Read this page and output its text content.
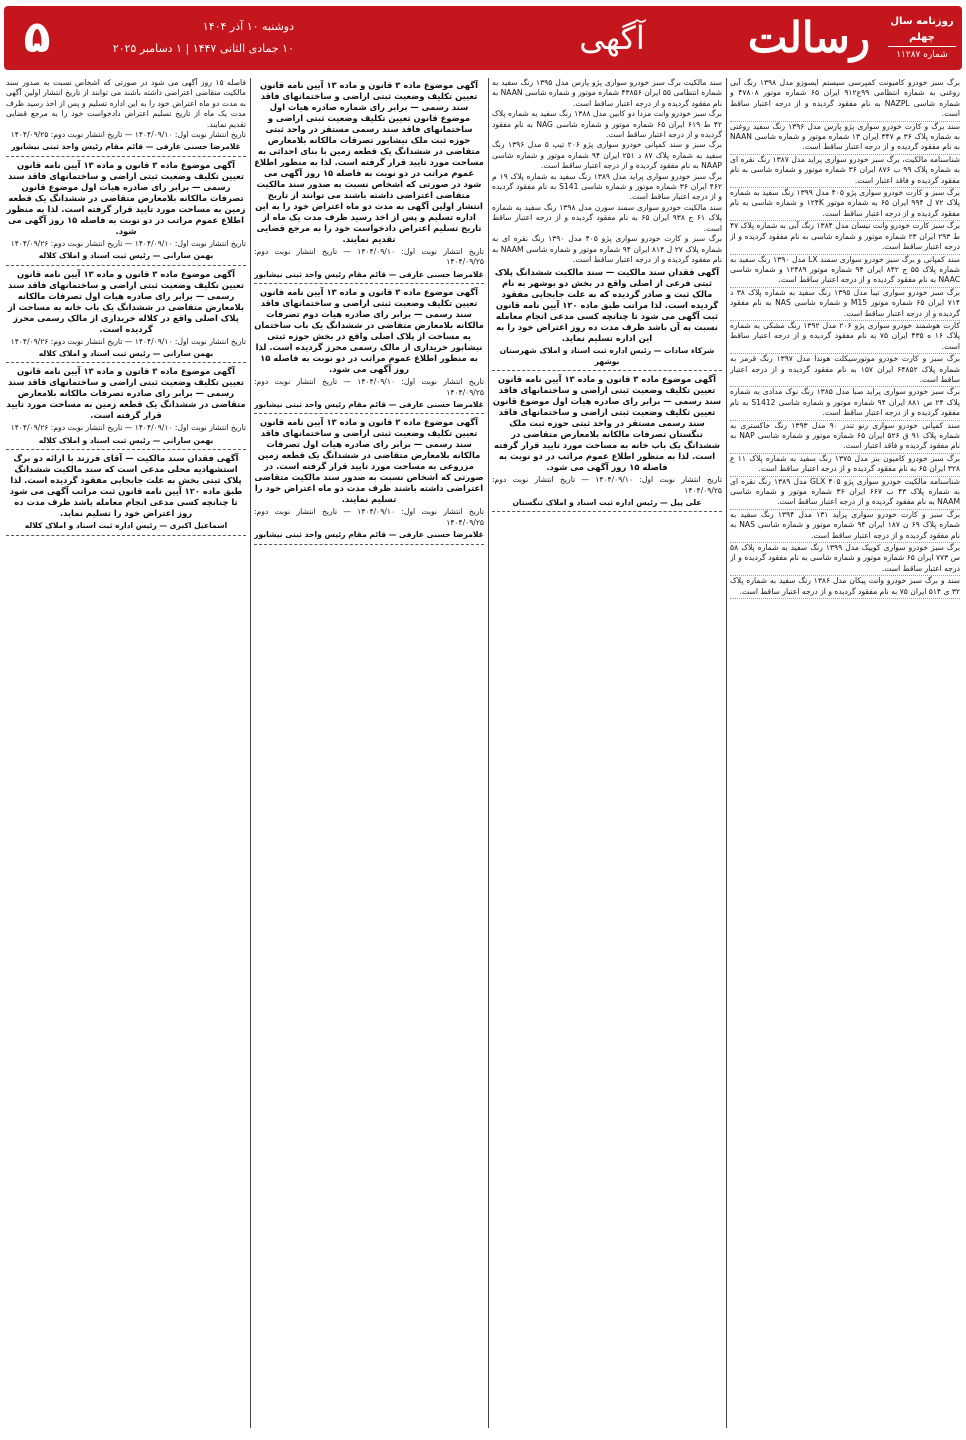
روزنامه سال چهلم
شماره ۱۱۲۸۷
رسالت
آگهی
دوشنبه ۱۰ آذر ۱۴۰۴
۱۰ جمادی الثانی ۱۴۴۷ | ۱ دسامبر ۲۰۲۵
۵

برگ سبز خودرو کامیونت کمپرسی سیستم ایسوزو مدل ۱۳۹۸ رنگ آبی روغنی به شماره انتظامی ۹۹ع۹۱۲ ایران ۶۵ شماره موتور ۴۷۸۰۸ و شماره شاسی NAZPL به نام مفقود گردیده و از درجه اعتبار ساقط است.

سند برگ و کارت خودرو سواری پژو پارس مدل ۱۳۹۶ رنگ سفید روغنی به شماره پلاک ۳۶ م ۳۴۷ ایران ۱۳ شماره موتور و شماره شاسی NAAN به نام مفقود گردیده و از درجه اعتبار ساقط است.

شناسنامه مالکیت، برگ سبز خودرو سواری پراید مدل ۱۳۸۷ رنگ نقره ای به شماره پلاک ۹۹ ب ۸۷۶ ایران ۳۶ شماره موتور و شماره شاسی به نام مفقود گردیده و فاقد اعتبار است.

برگ سبز و کارت خودرو سواری پژو ۴۰۵ مدل ۱۳۹۹ رنگ سفید به شماره پلاک ۷۲ ل ۹۹۴ ایران ۶۵ به شماره موتور ۱۲۴K و شماره شاسی به نام مفقود گردیده و از درجه اعتبار ساقط است.

برگ سبز کارت خودرو وانت نیسان مدل ۱۳۸۴ رنگ آبی به شماره پلاک ۴۷ ط ۲۹۳ ایران ۲۳ شماره موتور و شماره شاسی به نام مفقود گردیده و از درجه اعتبار ساقط است.

سند کمپانی و برگ سبز خودرو سواری سمند LX مدل ۱۳۹۰ رنگ سفید به شماره پلاک ۵۵ ج ۸۴۲ ایران ۹۴ شماره موتور ۱۲۴۸۹ و شماره شاسی NAAC به نام مفقود گردیده و از درجه اعتبار ساقط است.

برگ سبز خودرو سواری تیبا مدل ۱۳۹۵ رنگ سفید به شماره پلاک ۳۸ د ۷۱۴ ایران ۶۵ شماره موتور M15 و شماره شاسی NAS به نام مفقود گردیده و از درجه اعتبار ساقط است.

کارت هوشمند خودرو سواری پژو ۲۰۶ مدل ۱۳۹۲ رنگ مشکی به شماره پلاک ۱۶ ه ۴۳۵ ایران ۷۵ به نام مفقود گردیده و از درجه اعتبار ساقط است.

برگ سبز و کارت خودرو موتورسیکلت هوندا مدل ۱۳۹۷ رنگ قرمز به شماره پلاک ۶۴۸۵۲ ایران ۱۵۷ به نام مفقود گردیده و از درجه اعتبار ساقط است.

برگ سبز خودرو سواری پراید صبا مدل ۱۳۸۵ رنگ نوک مدادی به شماره پلاک ۲۴ ص ۸۸۱ ایران ۹۴ شماره موتور و شماره شاسی S1412 به نام مفقود گردیده و از درجه اعتبار ساقط است.

سند کمپانی خودرو سواری رنو تندر ۹۰ مدل ۱۳۹۳ رنگ خاکستری به شماره پلاک ۹۱ ق ۵۲۶ ایران ۶۵ شماره موتور و شماره شاسی NAP به نام مفقود گردیده و فاقد اعتبار است.

برگ سبز خودرو کامیون بنز مدل ۱۳۷۵ رنگ سفید به شماره پلاک ۱۱ ع ۳۲۸ ایران ۶۵ به نام مفقود گردیده و از درجه اعتبار ساقط است.

شناسنامه مالکیت خودرو سواری پژو ۴۰۵ GLX مدل ۱۳۸۹ رنگ نقره ای به شماره پلاک ۴۳ ب ۶۶۷ ایران ۳۶ شماره موتور و شماره شاسی NAAM به نام مفقود گردیده و از درجه اعتبار ساقط است.

برگ سبز و کارت خودرو سواری پراید ۱۳۱ مدل ۱۳۹۴ رنگ سفید به شماره پلاک ۶۹ ن ۱۸۷ ایران ۹۴ شماره موتور و شماره شاسی NAS به نام مفقود گردیده و از درجه اعتبار ساقط است.

برگ سبز خودرو سواری کوییک مدل ۱۳۹۹ رنگ سفید به شماره پلاک ۵۸ س ۷۷۳ ایران ۶۵ شماره موتور و شماره شاسی به نام مفقود گردیده و از درجه اعتبار ساقط است.

سند و برگ سبز خودرو وانت پیکان مدل ۱۳۸۶ رنگ سفید به شماره پلاک ۳۲ ی ۵۱۴ ایران ۷۵ به نام مفقود گردیده و از درجه اعتبار ساقط است.

سند مالکیت برگ سبز خودرو سواری پژو پارس مدل ۱۳۹۵ رنگ سفید به شماره انتظامی ۵۵ ایران ۴۳۸۵۶ شماره موتور و شماره شاسی NAAN به نام مفقود گردیده و از درجه اعتبار ساقط است.

برگ سبز خودرو وانت مزدا دو کابین مدل ۱۳۸۸ رنگ سفید به شماره پلاک ۴۲ ط ۶۱۹ ایران ۶۵ شماره موتور و شماره شاسی NAG به نام مفقود گردیده و از درجه اعتبار ساقط است.

برگ سبز و سند کمپانی خودرو سواری پژو ۲۰۶ تیپ ۵ مدل ۱۳۹۶ رنگ سفید به شماره پلاک ۸۷ د ۲۵۱ ایران ۹۴ شماره موتور و شماره شاسی NAAP به نام مفقود گردیده و از درجه اعتبار ساقط است.

برگ سبز خودرو سواری پراید مدل ۱۳۸۹ رنگ سفید به شماره پلاک ۱۹ م ۴۶۲ ایران ۳۶ شماره موتور و شماره شاسی S141 به نام مفقود گردیده و از درجه اعتبار ساقط است.

سند مالکیت خودرو سواری سمند سورن مدل ۱۳۹۸ رنگ سفید به شماره پلاک ۶۱ ج ۹۳۸ ایران ۶۵ به نام مفقود گردیده و از درجه اعتبار ساقط است.

برگ سبز و کارت خودرو سواری پژو ۴۰۵ مدل ۱۳۹۰ رنگ نقره ای به شماره پلاک ۲۷ ل ۸۱۴ ایران ۹۴ شماره موتور و شماره شاسی NAAM به نام مفقود گردیده و از درجه اعتبار ساقط است.

آگهی فقدان سند مالکیت — سند مالکیت ششدانگ پلاک ثبتی فرعی از اصلی واقع در بخش دو بوشهر به نام مالک ثبت و صادر گردیده که به علت جابجایی مفقود گردیده است. لذا مراتب طبق ماده ۱۲۰ آیین نامه قانون ثبت آگهی می شود تا چنانچه کسی مدعی انجام معامله نسبت به آن باشد ظرف مدت ده روز اعتراض خود را به این اداره تسلیم نماید.

شرکاء سادات — رئیس اداره ثبت اسناد و املاک شهرستان بوشهر

آگهی موضوع ماده ۳ قانون و ماده ۱۳ آیین نامه قانون تعیین تکلیف وضعیت ثبتی اراضی و ساختمانهای فاقد سند رسمی — برابر رای صادره هیات اول موضوع قانون تعیین تکلیف وضعیت ثبتی اراضی و ساختمانهای فاقد سند رسمی مستقر در واحد ثبتی حوزه ثبت ملک تنگستان تصرفات مالکانه بلامعارض متقاضی در ششدانگ یک باب خانه به مساحت مورد تایید قرار گرفته است. لذا به منظور اطلاع عموم مراتب در دو نوبت به فاصله ۱۵ روز آگهی می شود.

تاریخ انتشار نوبت اول: ۱۴۰۴/۰۹/۱۰ — تاریخ انتشار نوبت دوم: ۱۴۰۴/۰۹/۲۵

علی پیل — رئیس اداره ثبت اسناد و املاک تنگستان

آگهی موضوع ماده ۳ قانون و ماده ۱۳ آیین نامه قانون تعیین تکلیف وضعیت ثبتی اراضی و ساختمانهای فاقد سند رسمی — برابر رای شماره صادره هیات اول موضوع قانون تعیین تکلیف وضعیت ثبتی اراضی و ساختمانهای فاقد سند رسمی مستقر در واحد ثبتی حوزه ثبت ملک نیشابور تصرفات مالکانه بلامعارض متقاضی در ششدانگ یک قطعه زمین با بنای احداثی به مساحت مورد تایید قرار گرفته است. لذا به منظور اطلاع عموم مراتب در دو نوبت به فاصله ۱۵ روز آگهی می شود در صورتی که اشخاص نسبت به صدور سند مالکیت متقاضی اعتراضی داشته باشند می توانند از تاریخ انتشار اولین آگهی به مدت دو ماه اعتراض خود را به این اداره تسلیم و پس از اخذ رسید ظرف مدت یک ماه از تاریخ تسلیم اعتراض دادخواست خود را به مرجع قضایی تقدیم نمایند.

تاریخ انتشار نوبت اول: ۱۴۰۴/۰۹/۱۰ — تاریخ انتشار نوبت دوم: ۱۴۰۴/۰۹/۲۵

غلامرضا حسنی عارفی — قائم مقام رئیس واحد ثبتی نیشابور

آگهی موضوع ماده ۳ قانون و ماده ۱۳ آیین نامه قانون تعیین تکلیف وضعیت ثبتی اراضی و ساختمانهای فاقد سند رسمی — برابر رای صادره هیات دوم تصرفات مالکانه بلامعارض متقاضی در ششدانگ یک باب ساختمان به مساحت از پلاک اصلی واقع در بخش حوزه ثبتی نیشابور خریداری از مالک رسمی محرز گردیده است. لذا به منظور اطلاع عموم مراتب در دو نوبت به فاصله ۱۵ روز آگهی می شود.

تاریخ انتشار نوبت اول: ۱۴۰۴/۰۹/۱۰ — تاریخ انتشار نوبت دوم: ۱۴۰۴/۰۹/۲۵

غلامرضا حسنی عارفی — قائم مقام رئیس واحد ثبتی نیشابور

آگهی موضوع ماده ۳ قانون و ماده ۱۳ آیین نامه قانون تعیین تکلیف وضعیت ثبتی اراضی و ساختمانهای فاقد سند رسمی — برابر رای صادره هیات اول تصرفات مالکانه بلامعارض متقاضی در ششدانگ یک قطعه زمین مزروعی به مساحت مورد تایید قرار گرفته است. در صورتی که اشخاص نسبت به صدور سند مالکیت متقاضی اعتراضی داشته باشند ظرف مدت دو ماه اعتراض خود را تسلیم نمایند.

تاریخ انتشار نوبت اول: ۱۴۰۴/۰۹/۱۰ — تاریخ انتشار نوبت دوم: ۱۴۰۴/۰۹/۲۵

غلامرضا حسنی عارفی — قائم مقام رئیس واحد ثبتی نیشابور

فاصله ۱۵ روز آگهی می شود در صورتی که اشخاص نسبت به صدور سند مالکیت متقاضی اعتراضی داشته باشند می توانند از تاریخ انتشار اولین آگهی به مدت دو ماه اعتراض خود را به این اداره تسلیم و پس از اخذ رسید ظرف مدت یک ماه از تاریخ تسلیم اعتراض دادخواست خود را به مرجع قضایی تقدیم نمایند.

تاریخ انتشار نوبت اول: ۱۴۰۴/۰۹/۱۰ — تاریخ انتشار نوبت دوم: ۱۴۰۴/۰۹/۲۵

غلامرضا حسنی عارفی — قائم مقام رئیس واحد ثبتی نیشابور

آگهی موضوع ماده ۳ قانون و ماده ۱۳ آیین نامه قانون تعیین تکلیف وضعیت ثبتی اراضی و ساختمانهای فاقد سند رسمی — برابر رای صادره هیات اول موضوع قانون تصرفات مالکانه بلامعارض متقاضی در ششدانگ یک قطعه زمین به مساحت مورد تایید قرار گرفته است. لذا به منظور اطلاع عموم مراتب در دو نوبت به فاصله ۱۵ روز آگهی می شود.

تاریخ انتشار نوبت اول: ۱۴۰۴/۰۹/۱۰ — تاریخ انتشار نوبت دوم: ۱۴۰۴/۰۹/۲۶

بهمن سارانی — رئیس ثبت اسناد و املاک کلاله

آگهی موضوع ماده ۳ قانون و ماده ۱۳ آیین نامه قانون تعیین تکلیف وضعیت ثبتی اراضی و ساختمانهای فاقد سند رسمی — برابر رای صادره هیات اول تصرفات مالکانه بلامعارض متقاضی در ششدانگ یک باب خانه به مساحت از پلاک اصلی واقع در کلاله خریداری از مالک رسمی محرز گردیده است.

تاریخ انتشار نوبت اول: ۱۴۰۴/۰۹/۱۰ — تاریخ انتشار نوبت دوم: ۱۴۰۴/۰۹/۲۶

بهمن سارانی — رئیس ثبت اسناد و املاک کلاله

آگهی موضوع ماده ۳ قانون و ماده ۱۳ آیین نامه قانون تعیین تکلیف وضعیت ثبتی اراضی و ساختمانهای فاقد سند رسمی — برابر رای صادره تصرفات مالکانه بلامعارض متقاضی در ششدانگ یک قطعه زمین به مساحت مورد تایید قرار گرفته است.

تاریخ انتشار نوبت اول: ۱۴۰۴/۰۹/۱۰ — تاریخ انتشار نوبت دوم: ۱۴۰۴/۰۹/۲۶

بهمن سارانی — رئیس ثبت اسناد و املاک کلاله

آگهی فقدان سند مالکیت — آقای فرزند با ارائه دو برگ استشهادیه محلی مدعی است که سند مالکیت ششدانگ پلاک ثبتی بخش به علت جابجایی مفقود گردیده است. لذا طبق ماده ۱۲۰ آیین نامه قانون ثبت مراتب آگهی می شود تا چنانچه کسی مدعی انجام معامله باشد ظرف مدت ده روز اعتراض خود را تسلیم نماید.

اسماعیل اکبری — رئیس اداره ثبت اسناد و املاک کلاله
